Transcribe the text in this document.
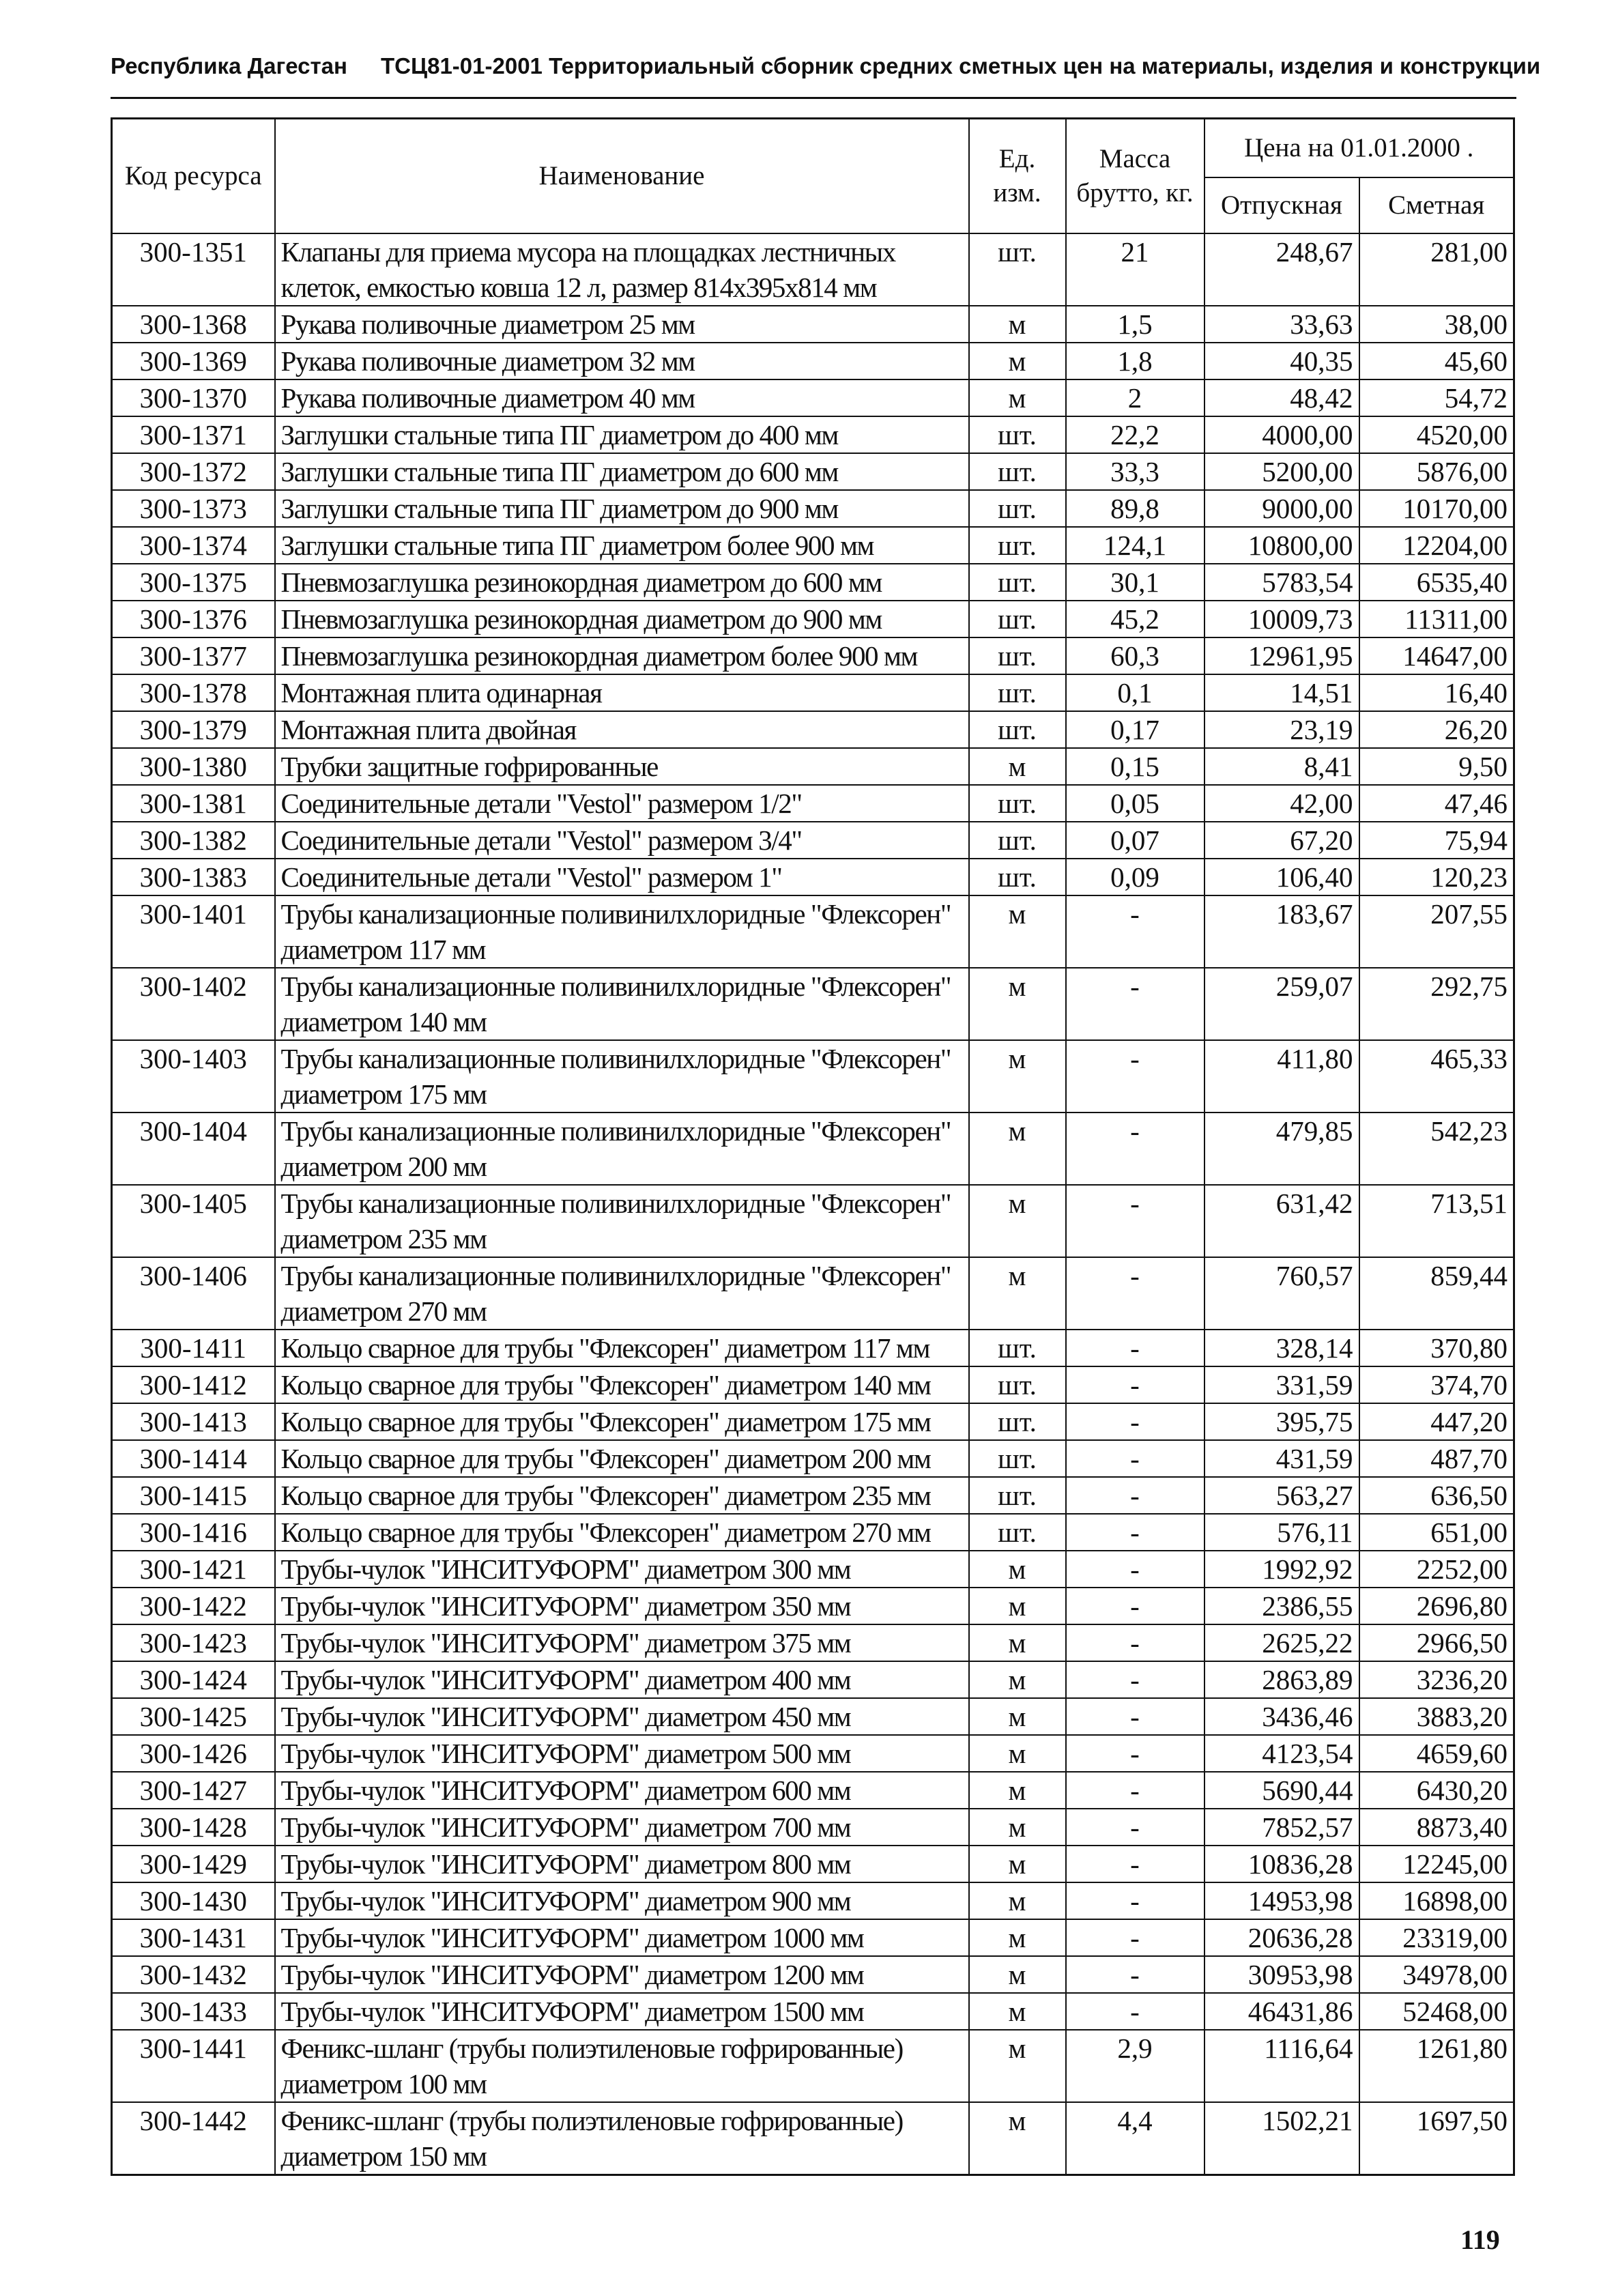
Республика Дагестан ТСЦ81-01-2001 Территориальный сборник средних сметных цен на материалы, изделия и конструкции
Код ресурса	Наименование	Ед. изм.	Масса брутто, кг.	Цена на 01.01.2000 .	
				Отпускная	Сметная
300-1351	Клапаны для приема мусора на площадках лестничных клеток, емкостью ковша 12 л, размер 814x395x814 мм	шт.	21	248,67	281,00
300-1368	Рукава поливочные диаметром 25 мм	м	1,5	33,63	38,00
300-1369	Рукава поливочные диаметром 32 мм	м	1,8	40,35	45,60
300-1370	Рукава поливочные диаметром 40 мм	м	2	48,42	54,72
300-1371	Заглушки стальные типа ПГ диаметром до 400 мм	шт.	22,2	4000,00	4520,00
300-1372	Заглушки стальные типа ПГ диаметром до 600 мм	шт.	33,3	5200,00	5876,00
300-1373	Заглушки стальные типа ПГ диаметром до 900 мм	шт.	89,8	9000,00	10170,00
300-1374	Заглушки стальные типа ПГ диаметром более 900 мм	шт.	124,1	10800,00	12204,00
300-1375	Пневмозаглушка резинокордная диаметром до 600 мм	шт.	30,1	5783,54	6535,40
300-1376	Пневмозаглушка резинокордная диаметром до 900 мм	шт.	45,2	10009,73	11311,00
300-1377	Пневмозаглушка резинокордная диаметром более 900 мм	шт.	60,3	12961,95	14647,00
300-1378	Монтажная плита одинарная	шт.	0,1	14,51	16,40
300-1379	Монтажная плита двойная	шт.	0,17	23,19	26,20
300-1380	Трубки защитные гофрированные	м	0,15	8,41	9,50
300-1381	Соединительные детали "Vestol" размером 1/2"	шт.	0,05	42,00	47,46
300-1382	Соединительные детали "Vestol" размером 3/4"	шт.	0,07	67,20	75,94
300-1383	Соединительные детали "Vestol" размером 1"	шт.	0,09	106,40	120,23
300-1401	Трубы канализационные поливинилхлоридные "Флексорен" диаметром 117 мм	м	-	183,67	207,55
300-1402	Трубы канализационные поливинилхлоридные "Флексорен" диаметром 140 мм	м	-	259,07	292,75
300-1403	Трубы канализационные поливинилхлоридные "Флексорен" диаметром 175 мм	м	-	411,80	465,33
300-1404	Трубы канализационные поливинилхлоридные "Флексорен" диаметром 200 мм	м	-	479,85	542,23
300-1405	Трубы канализационные поливинилхлоридные "Флексорен" диаметром 235 мм	м	-	631,42	713,51
300-1406	Трубы канализационные поливинилхлоридные "Флексорен" диаметром 270 мм	м	-	760,57	859,44
300-1411	Кольцо сварное для трубы "Флексорен" диаметром 117 мм	шт.	-	328,14	370,80
300-1412	Кольцо сварное для трубы "Флексорен" диаметром 140 мм	шт.	-	331,59	374,70
300-1413	Кольцо сварное для трубы "Флексорен" диаметром 175 мм	шт.	-	395,75	447,20
300-1414	Кольцо сварное для трубы "Флексорен" диаметром 200 мм	шт.	-	431,59	487,70
300-1415	Кольцо сварное для трубы "Флексорен" диаметром 235 мм	шт.	-	563,27	636,50
300-1416	Кольцо сварное для трубы "Флексорен" диаметром 270 мм	шт.	-	576,11	651,00
300-1421	Трубы-чулок "ИНСИТУФОРМ" диаметром 300 мм	м	-	1992,92	2252,00
300-1422	Трубы-чулок "ИНСИТУФОРМ" диаметром 350 мм	м	-	2386,55	2696,80
300-1423	Трубы-чулок "ИНСИТУФОРМ" диаметром 375 мм	м	-	2625,22	2966,50
300-1424	Трубы-чулок "ИНСИТУФОРМ" диаметром 400 мм	м	-	2863,89	3236,20
300-1425	Трубы-чулок "ИНСИТУФОРМ" диаметром 450 мм	м	-	3436,46	3883,20
300-1426	Трубы-чулок "ИНСИТУФОРМ" диаметром 500 мм	м	-	4123,54	4659,60
300-1427	Трубы-чулок "ИНСИТУФОРМ" диаметром 600 мм	м	-	5690,44	6430,20
300-1428	Трубы-чулок "ИНСИТУФОРМ" диаметром 700 мм	м	-	7852,57	8873,40
300-1429	Трубы-чулок "ИНСИТУФОРМ" диаметром 800 мм	м	-	10836,28	12245,00
300-1430	Трубы-чулок "ИНСИТУФОРМ" диаметром 900 мм	м	-	14953,98	16898,00
300-1431	Трубы-чулок "ИНСИТУФОРМ" диаметром 1000 мм	м	-	20636,28	23319,00
300-1432	Трубы-чулок "ИНСИТУФОРМ" диаметром 1200 мм	м	-	30953,98	34978,00
300-1433	Трубы-чулок "ИНСИТУФОРМ" диаметром 1500 мм	м	-	46431,86	52468,00
300-1441	Феникс-шланг (трубы полиэтиленовые гофрированные) диаметром 100 мм	м	2,9	1116,64	1261,80
300-1442	Феникс-шланг (трубы полиэтиленовые гофрированные) диаметром 150 мм	м	4,4	1502,21	1697,50
119
